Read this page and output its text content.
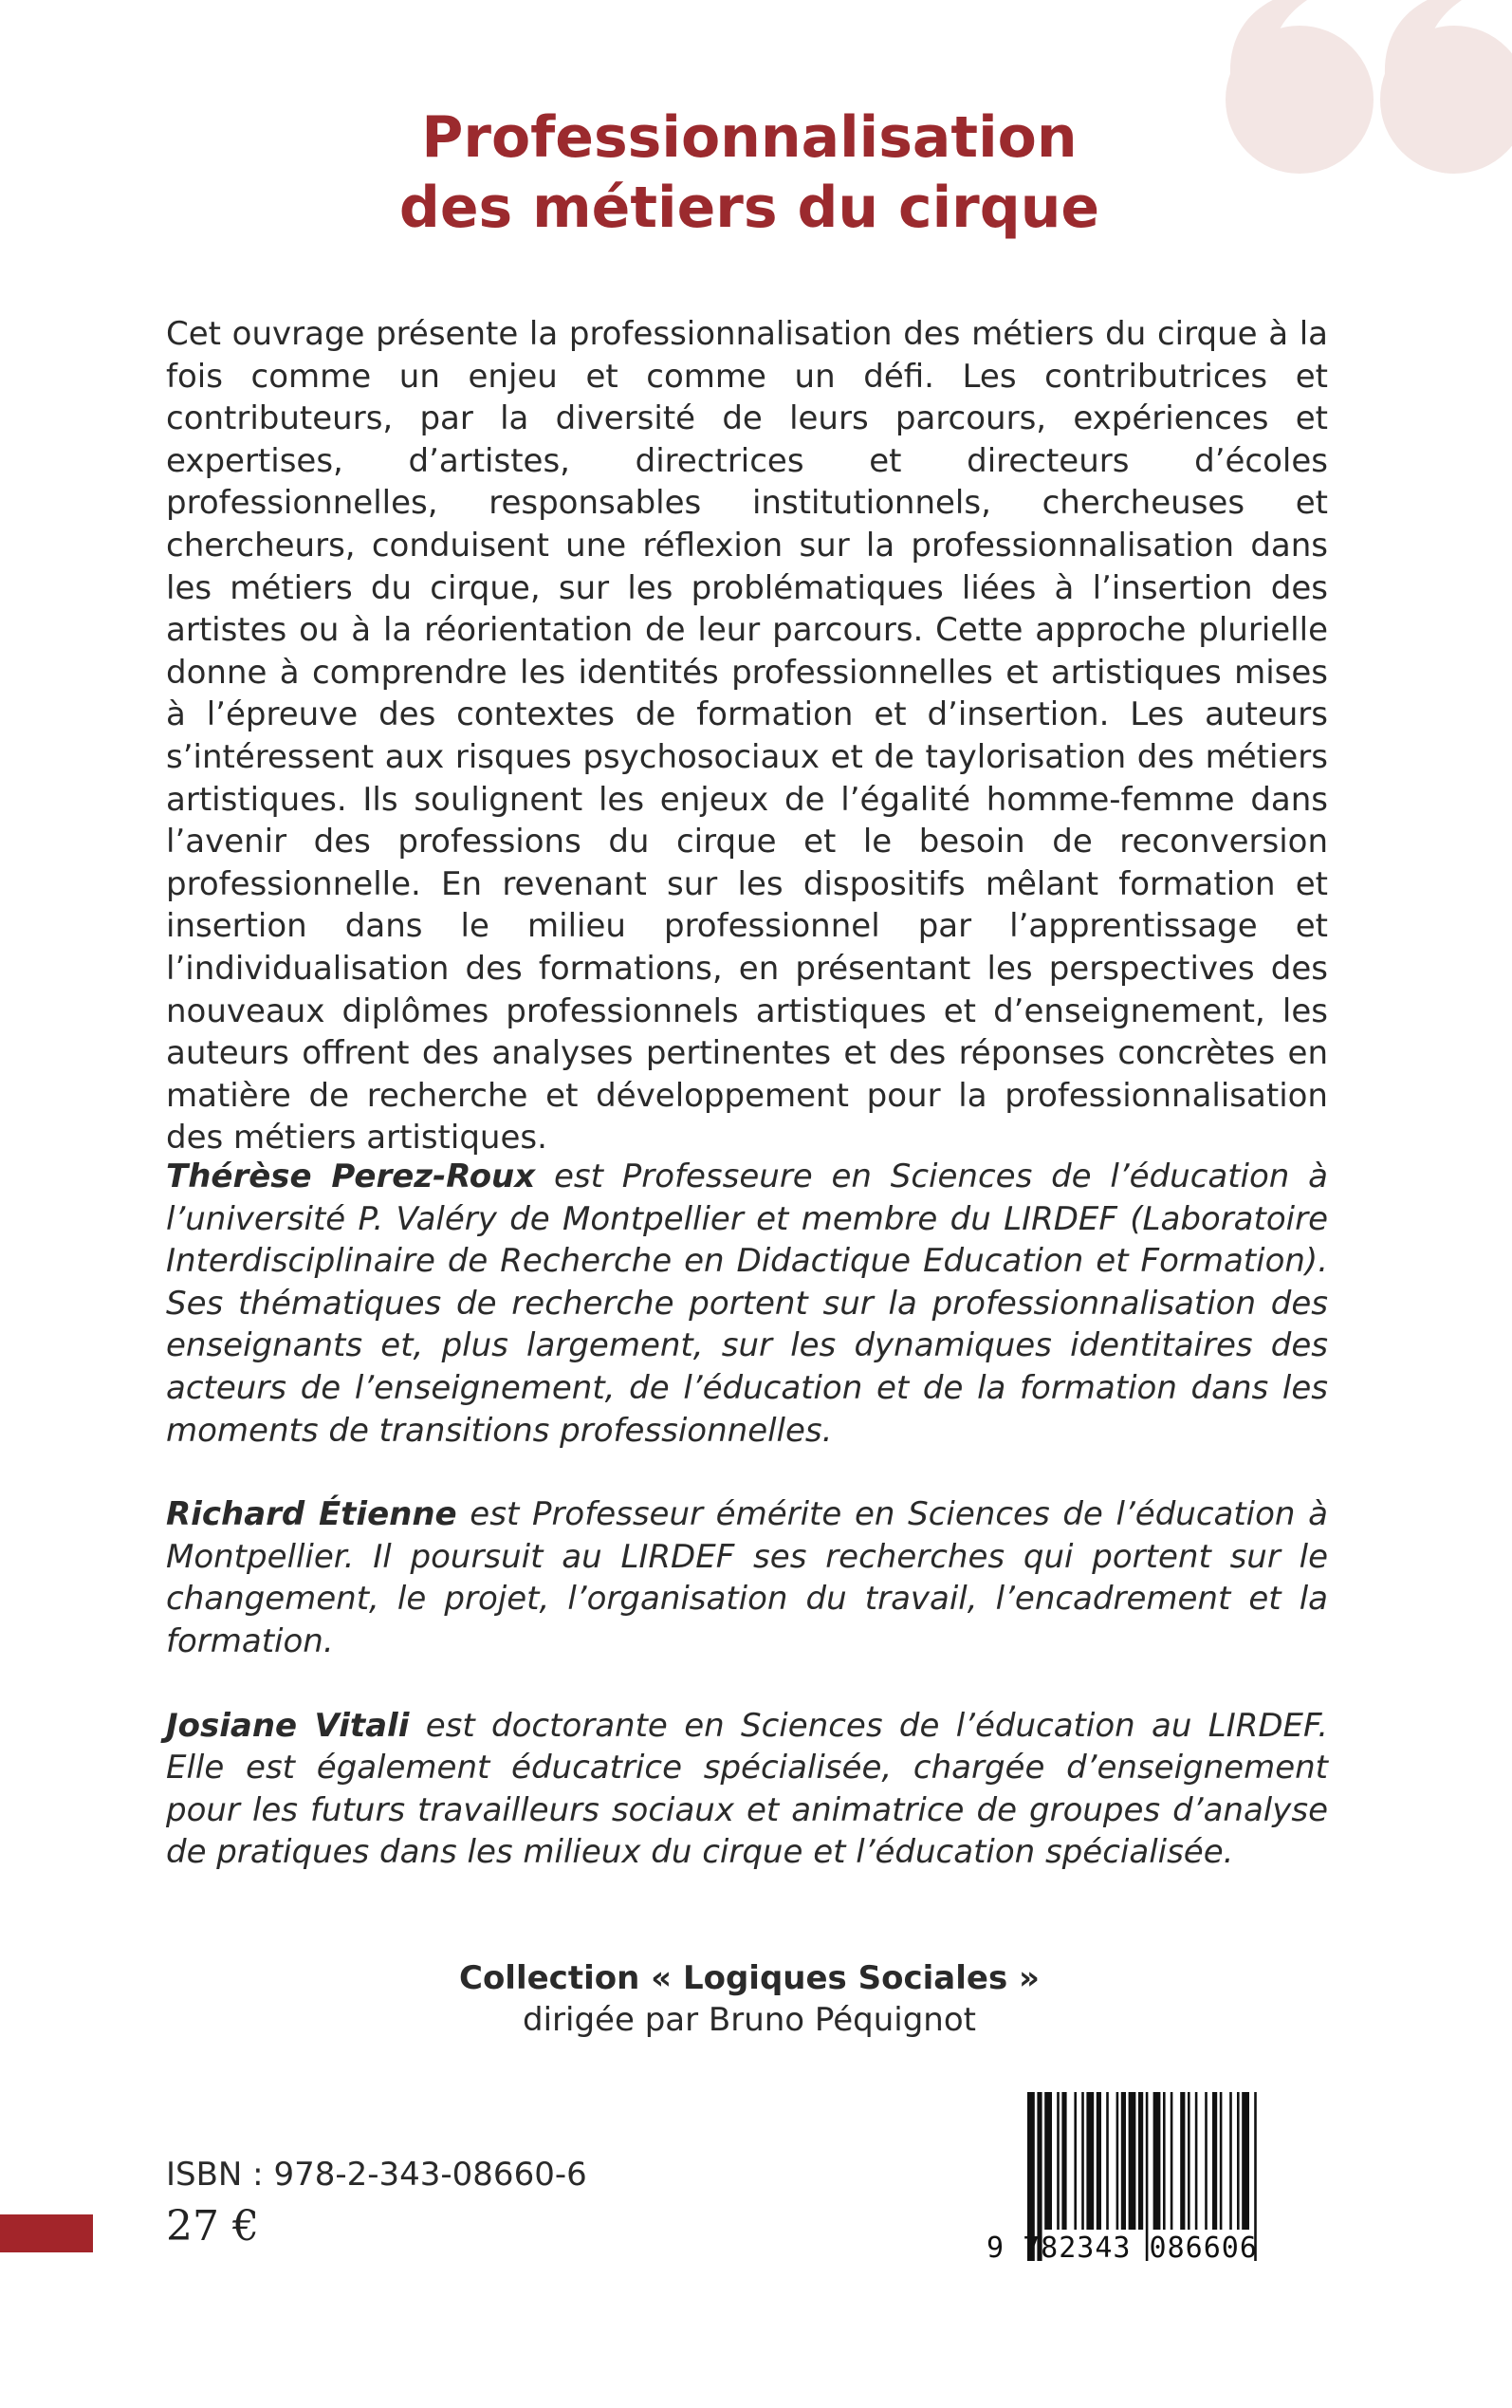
Professionnalisation
des métiers du cirque
Cet ouvrage présente la professionnalisation des métiers du cirque à la fois comme un enjeu et comme un défi. Les contributrices et contributeurs, par la diversité de leurs parcours, expériences et expertises, d’artistes, directrices et directeurs d’écoles professionnelles, responsables institutionnels, chercheuses et chercheurs, conduisent une réflexion sur la professionnalisation dans les métiers du cirque, sur les problématiques liées à l’insertion des artistes ou à la réorientation de leur parcours. Cette approche plurielle donne à comprendre les identités professionnelles et artistiques mises à l’épreuve des contextes de formation et d’insertion. Les auteurs s’intéressent aux risques psychosociaux et de taylorisation des métiers artistiques. Ils soulignent les enjeux de l’égalité homme-femme dans l’avenir des professions du cirque et le besoin de reconversion professionnelle. En revenant sur les dispositifs mêlant formation et insertion dans le milieu professionnel par l’apprentissage et l’individualisation des formations, en présentant les perspectives des nouveaux diplômes professionnels artistiques et d’enseignement, les auteurs offrent des analyses pertinentes et des réponses concrètes en matière de recherche et développement pour la professionnalisation des métiers artistiques.

Thérèse Perez-Roux est Professeure en Sciences de l’éducation à l’université P. Valéry de Montpellier et membre du LIRDEF (Laboratoire Interdisciplinaire de Recherche en Didactique Education et Formation). Ses thématiques de recherche portent sur la professionnalisation des enseignants et, plus largement, sur les dynamiques identitaires des acteurs de l’enseignement, de l’éducation et de la formation dans les moments de transitions professionnelles.

Richard Étienne est Professeur émérite en Sciences de l’éducation à Montpellier. Il poursuit au LIRDEF ses recherches qui portent sur le changement, le projet, l’organisation du travail, l’encadrement et la formation.

Josiane Vitali est doctorante en Sciences de l’éducation au LIRDEF. Elle est également éducatrice spécialisée, chargée d’enseignement pour les futurs travailleurs sociaux et animatrice de groupes d’analyse de pratiques dans les milieux du cirque et l’éducation spécialisée.

Collection « Logiques Sociales »
dirigée par Bruno Péquignot
ISBN : 978-2-343-08660-6
27 €	9 782343 086606
